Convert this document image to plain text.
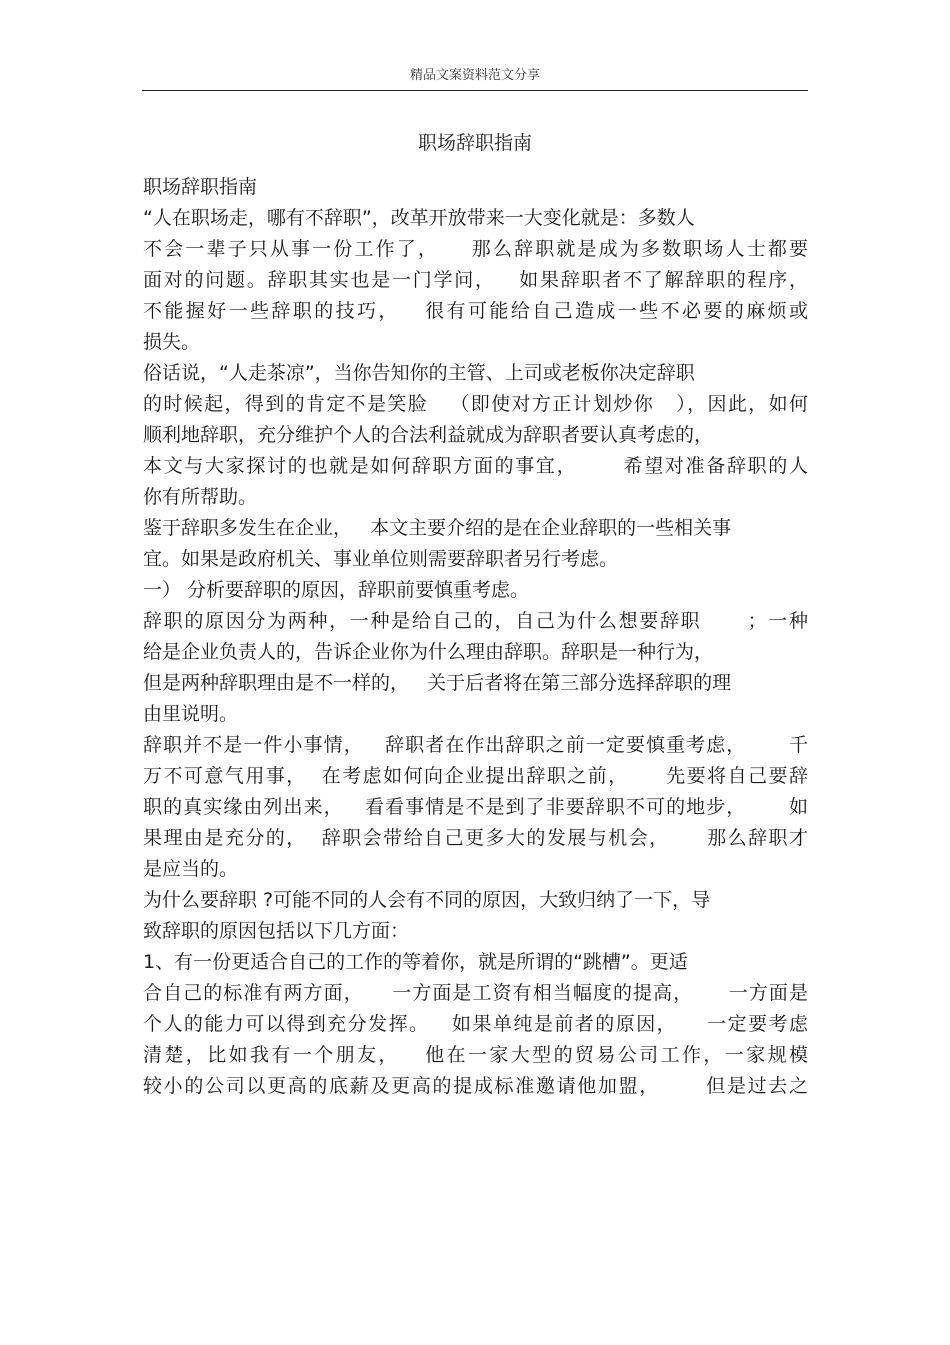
精品文案资料范文分享
职场辞职指南
职场辞职指南
“人在职场走，哪有不辞职”，改革开放带来一大变化就是：多数人
不会一辈子只从事一份工作了，    那么辞职就是成为多数职场人士都要
面对的问题。辞职其实也是一门学问，   如果辞职者不了解辞职的程序，
不能握好一些辞职的技巧，   很有可能给自己造成一些不必要的麻烦或
损失。
俗话说，“人走茶凉”，当你告知你的主管、上司或老板你决定辞职
的时候起，得到的肯定不是笑脸   （即使对方正计划炒你   ），因此，如何
顺利地辞职，充分维护个人的合法利益就成为辞职者要认真考虑的，
本文与大家探讨的也就是如何辞职方面的事宜，      希望对准备辞职的人
你有所帮助。
鉴于辞职多发生在企业，   本文主要介绍的是在企业辞职的一些相关事
宜。如果是政府机关、事业单位则需要辞职者另行考虑。
一） 分析要辞职的原因，辞职前要慎重考虑。
辞职的原因分为两种，一种是给自己的，自己为什么想要辞职      ；一种
给是企业负责人的，告诉企业你为什么理由辞职。辞职是一种行为，
但是两种辞职理由是不一样的，   关于后者将在第三部分选择辞职的理
由里说明。
辞职并不是一件小事情，   辞职者在作出辞职之前一定要慎重考虑，      千
万不可意气用事，  在考虑如何向企业提出辞职之前，     先要将自己要辞
职的真实缘由列出来，   看看事情是不是到了非要辞职不可的地步，      如
果理由是充分的，  辞职会带给自己更多大的发展与机会，     那么辞职才
是应当的。
为什么要辞职 ?可能不同的人会有不同的原因，大致归纳了一下，导
致辞职的原因包括以下几方面：
1、有一份更适合自己的工作的等着你，就是所谓的“跳槽”。更适
合自己的标准有两方面，    一方面是工资有相当幅度的提高，     一方面是
个人的能力可以得到充分发挥。   如果单纯是前者的原因，    一定要考虑
清楚，比如我有一个朋友，   他在一家大型的贸易公司工作，一家规模
较小的公司以更高的底薪及更高的提成标准邀请他加盟，      但是过去之
